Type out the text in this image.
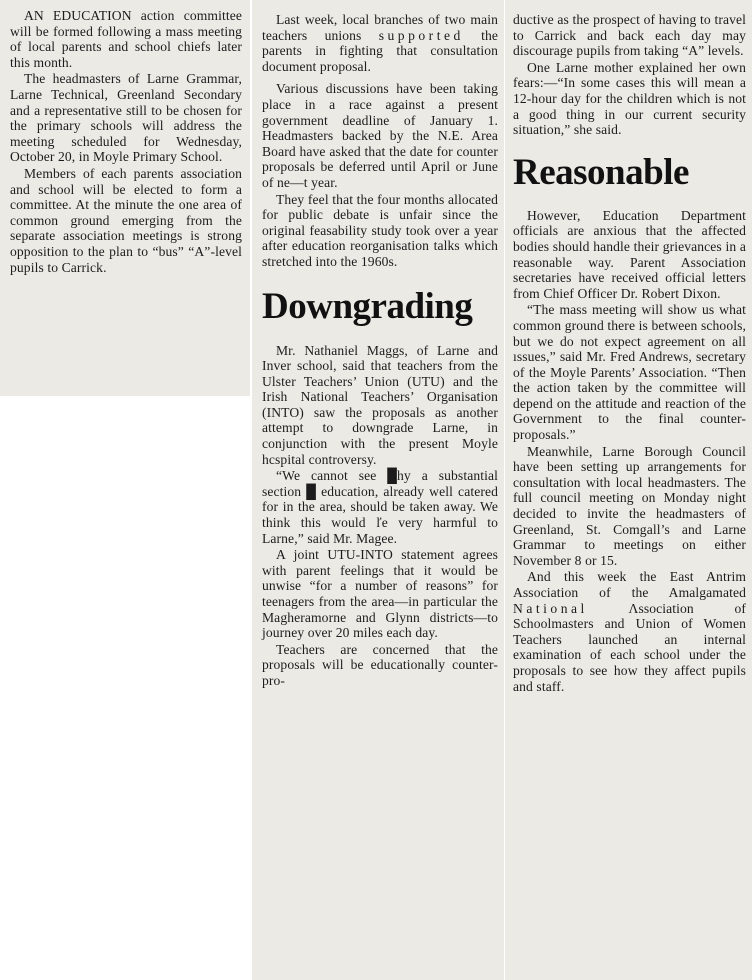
AN EDUCATION action committee will be formed following a mass meeting of local parents and school chiefs later this month.

The headmasters of Larne Grammar, Larne Technical, Greenland Secondary and a representative still to be chosen for the primary schools will address the meeting scheduled for Wednesday, October 20, in Moyle Primary School.

Members of each parents association and school will be elected to form a committee. At the minute the one area of common ground emerging from the separate association meetings is strong opposition to the plan to “bus” “A”-level pupils to Carrick.

Last week, local branches of two main teachers unions supported the parents in fighting that consultation document proposal.

Various discussions have been taking place in a race against a present government deadline of January 1. Headmasters backed by the N.E. Area Board have asked that the date for counter proposals be deferred until April or June of ne—t year.

They feel that the four months allocated for public debate is unfair since the original feasability study took over a year after education reorganisation talks which stretched into the 1960s.

Downgrading

Mr. Nathaniel Maggs, of Larne and Inver school, said that teachers from the Ulster Teachers’ Union (UTU) and the Irish National Teachers’ Organisation (INTO) saw the proposals as another attempt to downgrade Larne, in conjunction with the present Moyle hcspital controversy.

“We cannot see █hy a substantial section █ education, already well catered for in the area, should be taken away. We think this would ľe very harmful to Larne,” said Mr. Magee.

A joint UTU-INTO statement agrees with parent feelings that it would be unwise “for a number of reasons” for teenagers from the area—in particular the Magheramorne and Glynn districts—to journey over 20 miles each day.

Teachers are concerned that the proposals will be educationally counter-pro-

ductive as the prospect of having to travel to Carrick and back each day may discourage pupils from taking “A” levels.

One Larne mother explained her own fears:—“In some cases this will mean a 12-hour day for the children which is not a good thing in our current security situation,” she said.

Reasonable

However, Education Department officials are anxious that the affected bodies should handle their grievances in a reasonable way. Parent Association secretaries have received official letters from Chief Officer Dr. Robert Dixon.

“The mass meeting will show us what common ground there is between schools, but we do not expect agreement on all ıssues,” said Mr. Fred Andrews, secretary of the Moyle Parents’ Association. “Then the action taken by the committee will depend on the attitude and reaction of the Government to the final counter-proposals.”

Meanwhile, Larne Borough Council have been setting up arrangements for consultation with local headmasters. The full council meeting on Monday night decided to invite the headmasters of Greenland, St. Comgall’s and Larne Grammar to meetings on either November 8 or 15.

And this week the East Antrim Association of the Amalgamated National	Λssociation of Schoolmasters and Union of Women Teachers launched an internal examination of each school under the proposals to see how they affect pupils and staff.
